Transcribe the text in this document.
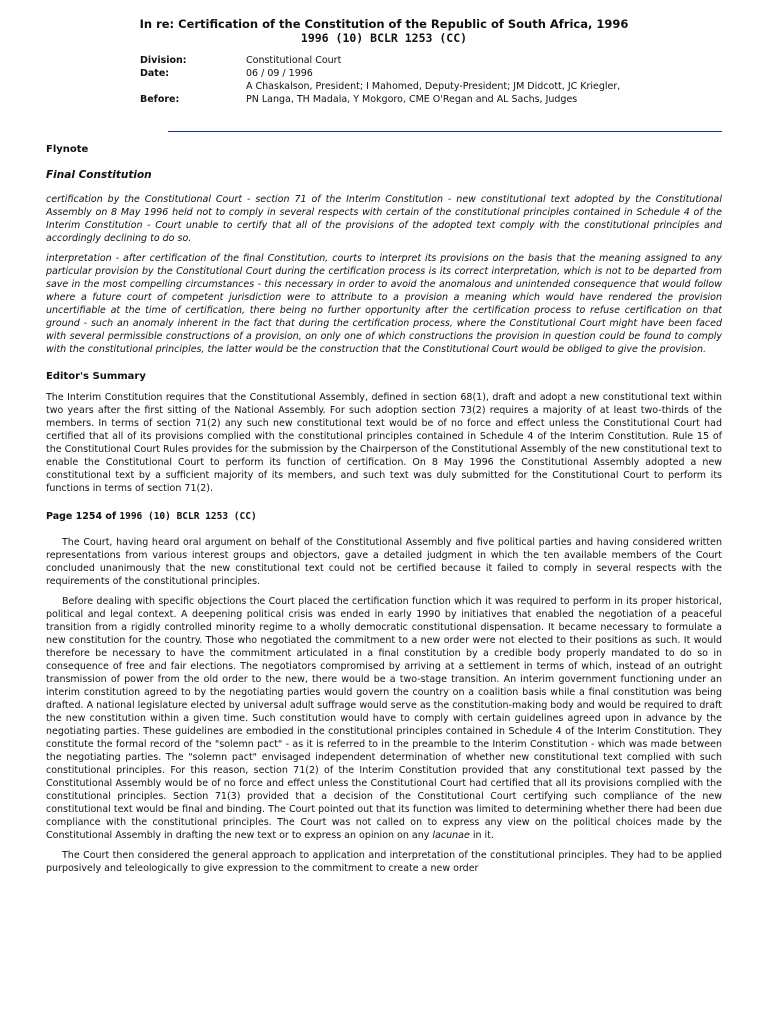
In re: Certification of the Constitution of the Republic of South Africa, 1996
1996 (10) BCLR 1253 (CC)
Division:	Constitutional Court
Date:	06 / 09 / 1996
Before:
A Chaskalson, President; I Mahomed, Deputy-President; JM Didcott, JC Kriegler, PN Langa, TH Madala, Y Mokgoro, CME O'Regan and AL Sachs, Judges

Flynote

Final Constitution

certification by the Constitutional Court - section 71 of the Interim Constitution - new constitutional text adopted by the Constitutional Assembly on 8 May 1996 held not to comply in several respects with certain of the constitutional principles contained in Schedule 4 of the Interim Constitution - Court unable to certify that all of the provisions of the adopted text comply with the constitutional principles and accordingly declining to do so.

interpretation - after certification of the final Constitution, courts to interpret its provisions on the basis that the meaning assigned to any particular provision by the Constitutional Court during the certification process is its correct interpretation, which is not to be departed from save in the most compelling circumstances - this necessary in order to avoid the anomalous and unintended consequence that would follow where a future court of competent jurisdiction were to attribute to a provision a meaning which would have rendered the provision uncertifiable at the time of certification, there being no further opportunity after the certification process to refuse certification on that ground - such an anomaly inherent in the fact that during the certification process, where the Constitutional Court might have been faced with several permissible constructions of a provision, on only one of which constructions the provision in question could be found to comply with the constitutional principles, the latter would be the construction that the Constitutional Court would be obliged to give the provision.

Editor's Summary

The Interim Constitution requires that the Constitutional Assembly, defined in section 68(1), draft and adopt a new constitutional text within two years after the first sitting of the National Assembly. For such adoption section 73(2) requires a majority of at least two-thirds of the members. In terms of section 71(2) any such new constitutional text would be of no force and effect unless the Constitutional Court had certified that all of its provisions complied with the constitutional principles contained in Schedule 4 of the Interim Constitution. Rule 15 of the Constitutional Court Rules provides for the submission by the Chairperson of the Constitutional Assembly of the new constitutional text to enable the Constitutional Court to perform its function of certification. On 8 May 1996 the Constitutional Assembly adopted a new constitutional text by a sufficient majority of its members, and such text was duly submitted for the Constitutional Court to perform its functions in terms of section 71(2).

Page 1254 of 1996 (10) BCLR 1253 (CC)

The Court, having heard oral argument on behalf of the Constitutional Assembly and five political parties and having considered written representations from various interest groups and objectors, gave a detailed judgment in which the ten available members of the Court concluded unanimously that the new constitutional text could not be certified because it failed to comply in several respects with the requirements of the constitutional principles.

Before dealing with specific objections the Court placed the certification function which it was required to perform in its proper historical, political and legal context. A deepening political crisis was ended in early 1990 by initiatives that enabled the negotiation of a peaceful transition from a rigidly controlled minority regime to a wholly democratic constitutional dispensation. It became necessary to formulate a new constitution for the country. Those who negotiated the commitment to a new order were not elected to their positions as such. It would therefore be necessary to have the commitment articulated in a final constitution by a credible body properly mandated to do so in consequence of free and fair elections. The negotiators compromised by arriving at a settlement in terms of which, instead of an outright transmission of power from the old order to the new, there would be a two-stage transition. An interim government functioning under an interim constitution agreed to by the negotiating parties would govern the country on a coalition basis while a final constitution was being drafted. A national legislature elected by universal adult suffrage would serve as the constitution-making body and would be required to draft the new constitution within a given time. Such constitution would have to comply with certain guidelines agreed upon in advance by the negotiating parties. These guidelines are embodied in the constitutional principles contained in Schedule 4 of the Interim Constitution. They constitute the formal record of the "solemn pact" - as it is referred to in the preamble to the Interim Constitution - which was made between the negotiating parties. The "solemn pact" envisaged independent determination of whether new constitutional text complied with such constitutional principles. For this reason, section 71(2) of the Interim Constitution provided that any constitutional text passed by the Constitutional Assembly would be of no force and effect unless the Constitutional Court had certified that all its provisions complied with the constitutional principles. Section 71(3) provided that a decision of the Constitutional Court certifying such compliance of the new constitutional text would be final and binding. The Court pointed out that its function was limited to determining whether there had been due compliance with the constitutional principles. The Court was not called on to express any view on the political choices made by the Constitutional Assembly in drafting the new text or to express an opinion on any lacunae in it.

The Court then considered the general approach to application and interpretation of the constitutional principles. They had to be applied purposively and teleologically to give expression to the commitment to create a new order
